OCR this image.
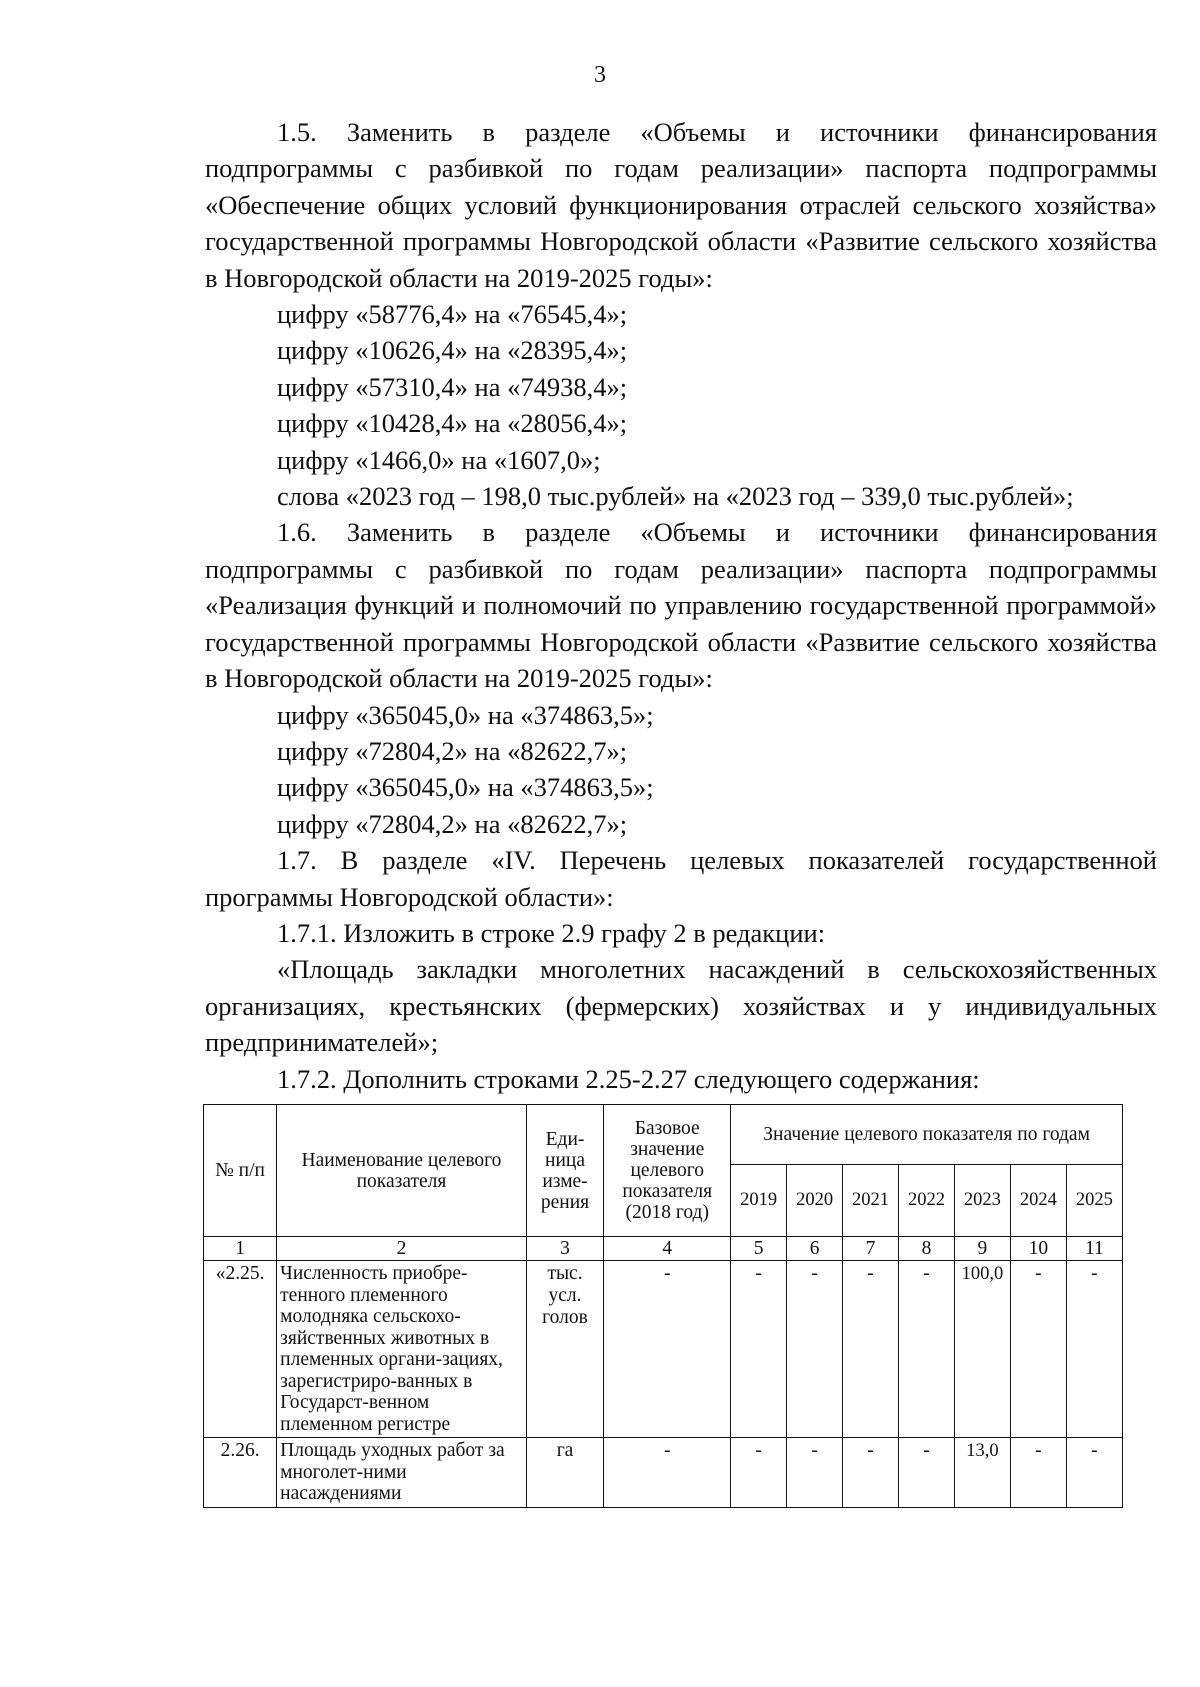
3

1.5. Заменить в разделе «Объемы и источники финансирования подпрограммы с разбивкой по годам реализации» паспорта подпрограммы «Обеспечение общих условий функционирования отраслей сельского хозяйства» государственной программы Новгородской области «Развитие сельского хозяйства в Новгородской области на 2019-2025 годы»:

цифру «58776,4» на «76545,4»;

цифру «10626,4» на «28395,4»;

цифру «57310,4» на «74938,4»;

цифру «10428,4» на «28056,4»;

цифру «1466,0» на «1607,0»;

слова «2023 год – 198,0 тыс.рублей» на «2023 год – 339,0 тыс.рублей»;

1.6. Заменить в разделе «Объемы и источники финансирования подпрограммы с разбивкой по годам реализации» паспорта подпрограммы «Реализация функций и полномочий по управлению государственной программой» государственной программы Новгородской области «Развитие сельского хозяйства в Новгородской области на 2019-2025 годы»:

цифру «365045,0» на «374863,5»;

цифру «72804,2» на «82622,7»;

цифру «365045,0» на «374863,5»;

цифру «72804,2» на «82622,7»;

1.7. В разделе «IV. Перечень целевых показателей государственной программы Новгородской области»:

1.7.1. Изложить в строке 2.9 графу 2 в редакции:

«Площадь закладки многолетних насаждений в сельскохозяйственных организациях, крестьянских (фермерских) хозяйствах и у индивидуальных предпринимателей»;

1.7.2. Дополнить строками 2.25-2.27 следующего содержания:

№ п/п	Наименование целевого показателя	Еди-ница изме-рения	Базовое значение целевого показателя (2018 год)	Значение целевого показателя по годам						
				2019	2020	2021	2022	2023	2024	2025
1	2	3	4	5	6	7	8	9	10	11
«2.25.	Численность приобре-тенного племенного молодняка сельскохо-зяйственных животных в племенных органи-зациях, зарегистриро-ванных в Государст-венном племенном регистре	тыс. усл. голов	-	-	-	-	-	100,0	-	-
2.26.	Площадь уходных работ за многолет-ними насаждениями	га	-	-	-	-	-	13,0	-	-
